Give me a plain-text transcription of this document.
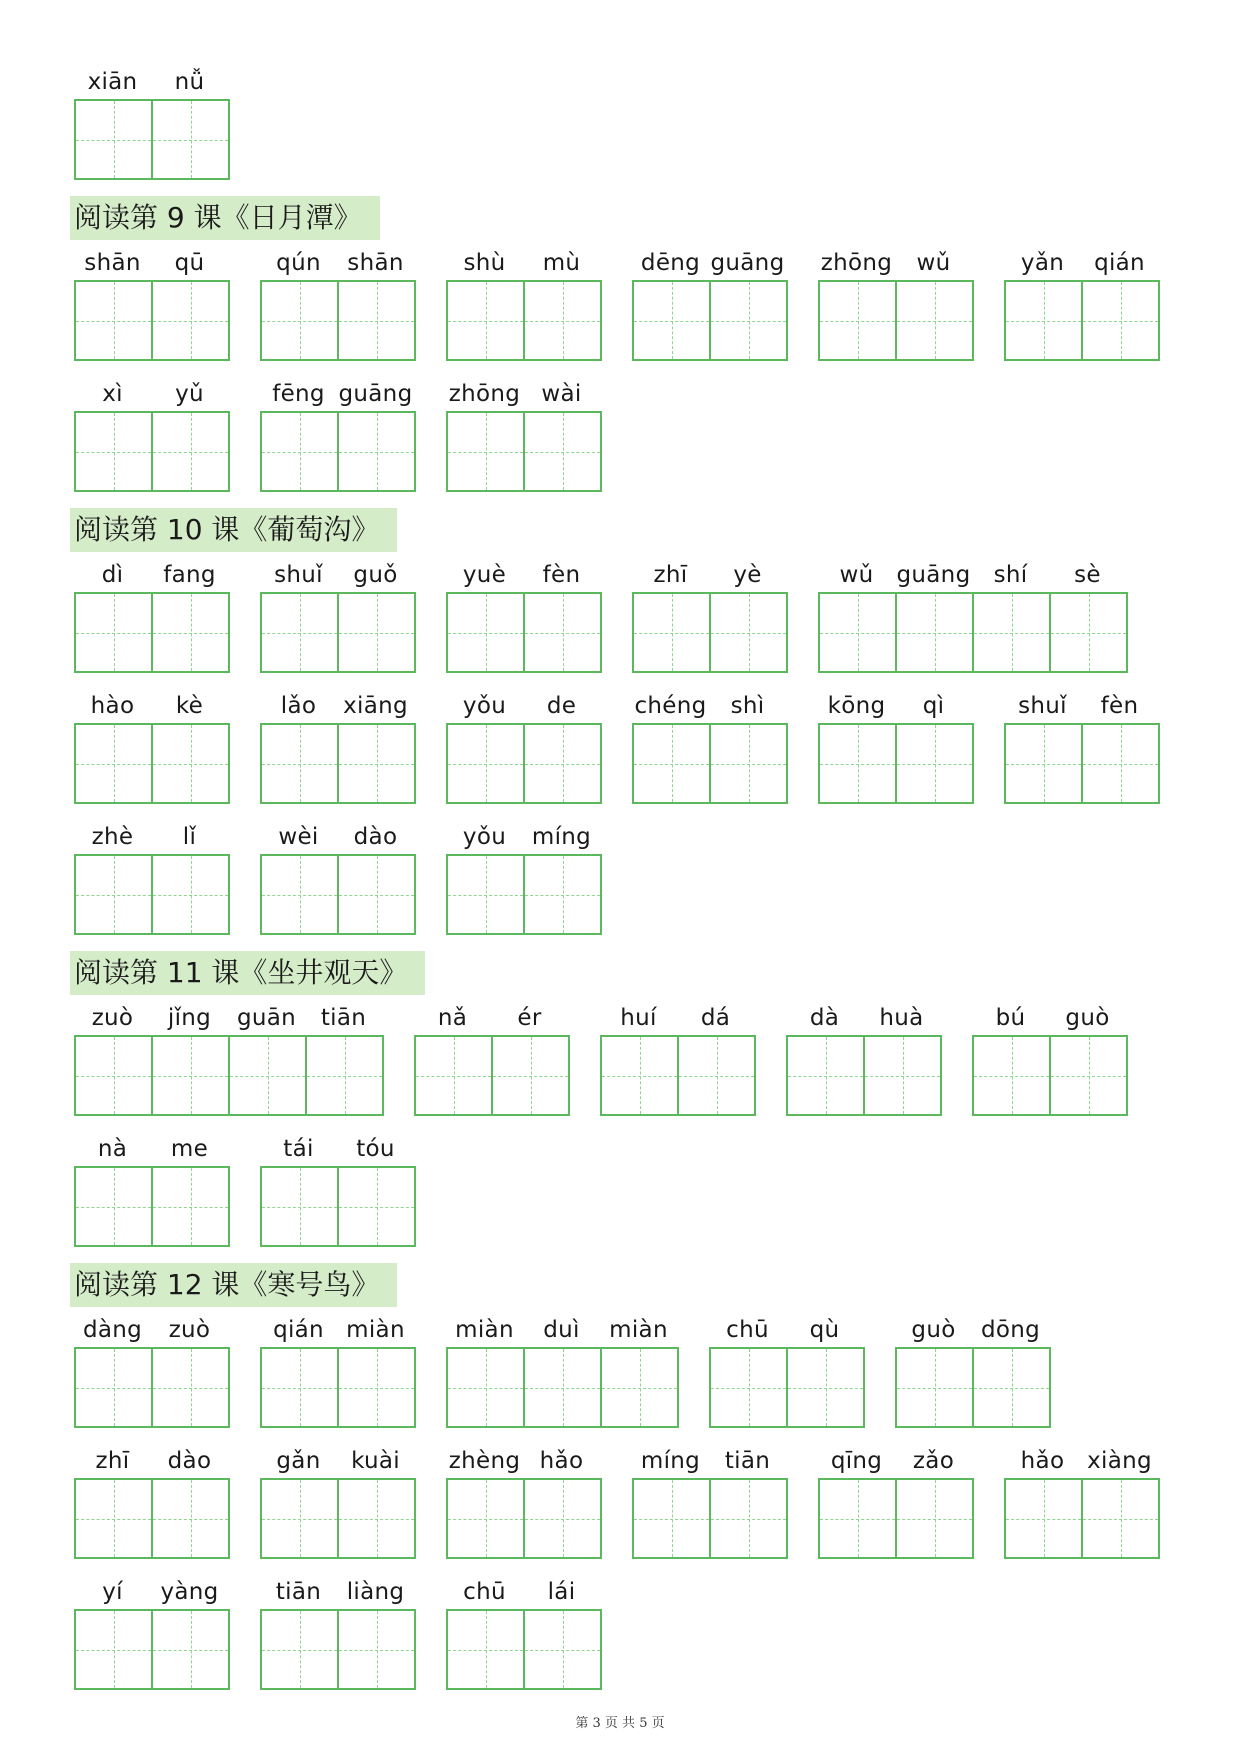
xiān	nǚ
阅读第 9 课《日月潭》
shān	qū	qún	shān	shù	mù	dēng guāng zhōng	wǔ	yǎn	qián
xì	yǔ	fēng guāng zhōng wài
阅读第 10 课《葡萄沟》
dì	fang	shuǐ	guǒ	yuè	fèn	zhī	yè	wǔ	guāng	shí	sè
hào	kè	lǎo	xiāng	yǒu	de	chéng	shì	kōng	qì	shuǐ	fèn
zhè	lǐ	wèi	dào	yǒu	míng
阅读第 11 课《坐井观天》
zuò	jǐng	guān	tiān	nǎ	ér	huí	dá	dà	huà	bú	guò
nà	me	tái	tóu
阅读第 12 课《寒号鸟》
dàng	zuò	qián miàn	miàn	duì	miàn	chū	qù	guò	dōng
zhī	dào	gǎn	kuài	zhèng hǎo	míng	tiān	qīng	zǎo	hǎo xiàng
yí	yàng	tiān	liàng	chū	lái
第 3 页 共 5 页
